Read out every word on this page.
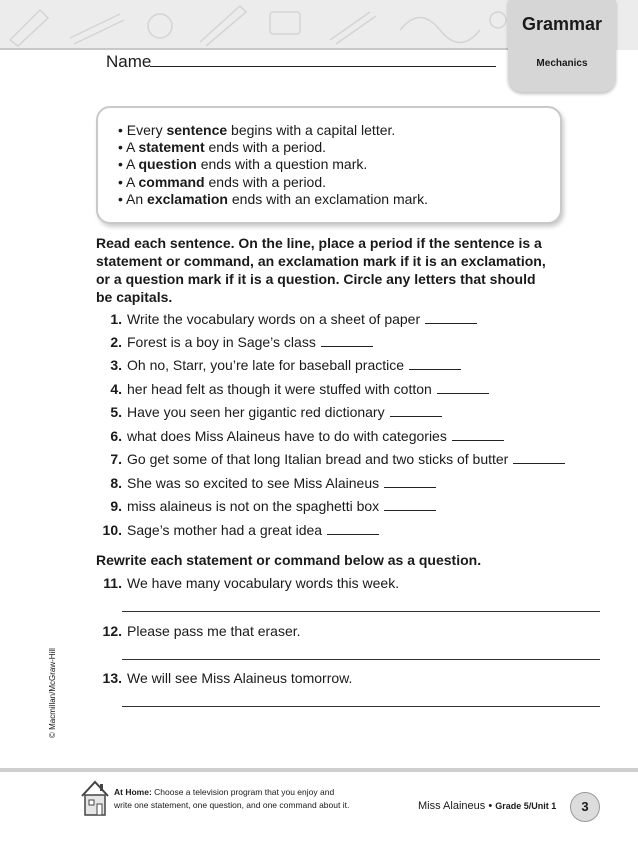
Grammar
Mechanics
Name
• Every sentence begins with a capital letter.
• A statement ends with a period.
• A question ends with a question mark.
• A command ends with a period.
• An exclamation ends with an exclamation mark.
Read each sentence. On the line, place a period if the sentence is a statement or command, an exclamation mark if it is an exclamation, or a question mark if it is a question. Circle any letters that should be capitals.
1. Write the vocabulary words on a sheet of paper
2. Forest is a boy in Sage’s class
3. Oh no, Starr, you’re late for baseball practice
4. her head felt as though it were stuffed with cotton
5. Have you seen her gigantic red dictionary
6. what does Miss Alaineus have to do with categories
7. Go get some of that long Italian bread and two sticks of butter
8. She was so excited to see Miss Alaineus
9. miss alaineus is not on the spaghetti box
10. Sage’s mother had a great idea
Rewrite each statement or command below as a question.
11. We have many vocabulary words this week.
12. Please pass me that eraser.
13. We will see Miss Alaineus tomorrow.
© Macmillan/McGraw-Hill
At Home: Choose a television program that you enjoy and
write one statement, one question, and one command about it.	Miss Alaineus • Grade 5/Unit 1	3
